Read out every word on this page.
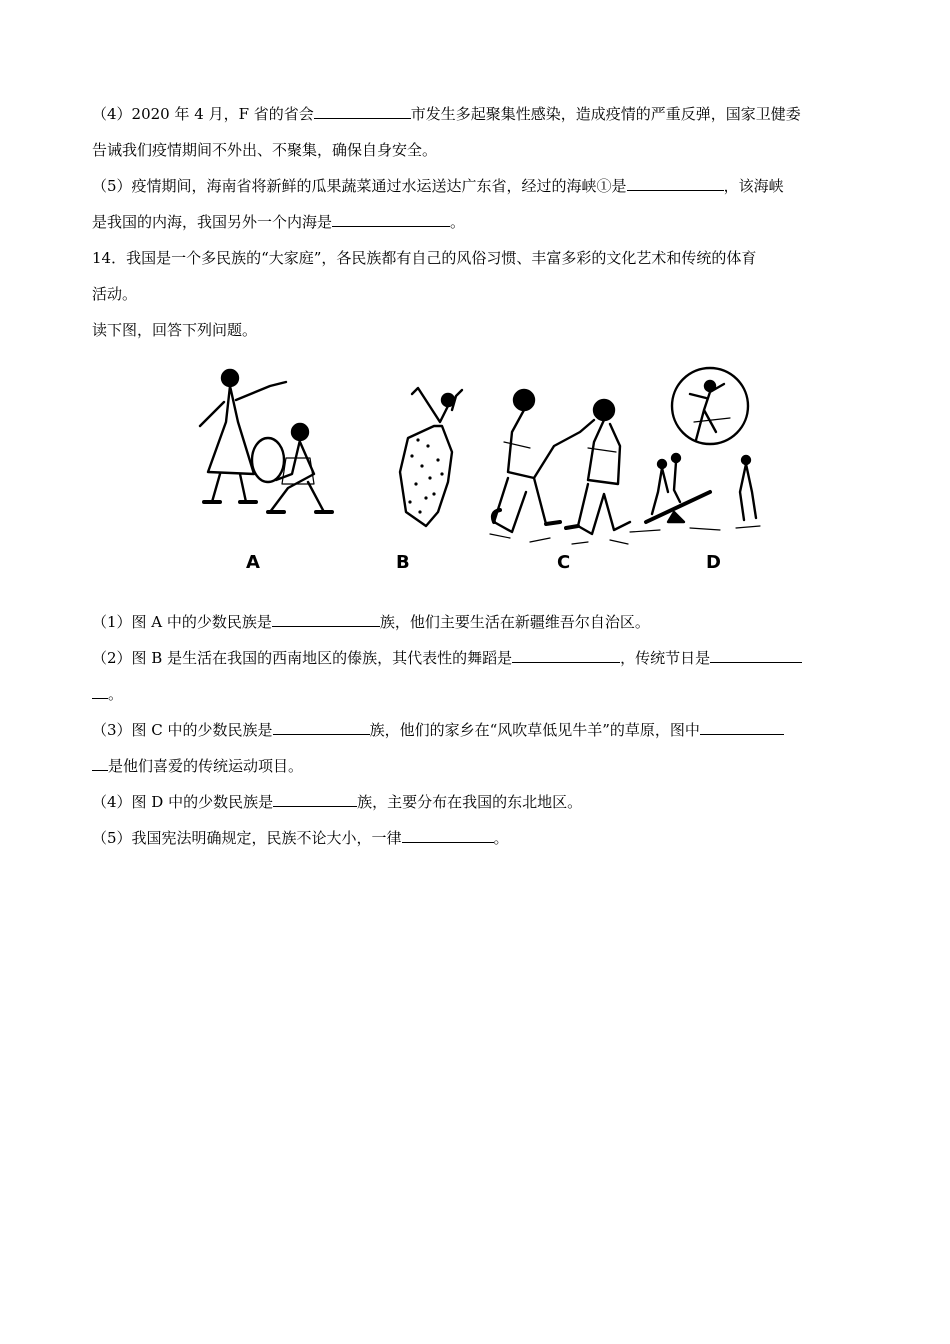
（4）2020 年 4 月，F 省的省会	市发生多起聚集性感染，造成疫情的严重反弹，国家卫健委
告诫我们疫情期间不外出、不聚集，确保自身安全。
（5）疫情期间，海南省将新鲜的瓜果蔬菜通过水运送达广东省，经过的海峡①是	，该海峡
是我国的内海，我国另外一个内海是	。
14．我国是一个多民族的“大家庭”，各民族都有自己的风俗习惯、丰富多彩的文化艺术和传统的体育
活动。
读下图，回答下列问题。
A	B	C	D
（1）图 A 中的少数民族是	族，他们主要生活在新疆维吾尔自治区。
（2）图 B 是生活在我国的西南地区的傣族，其代表性的舞蹈是	，传统节日是
。
（3）图 C 中的少数民族是	族，他们的家乡在“风吹草低见牛羊”的草原，图中
是他们喜爱的传统运动项目。
（4）图 D 中的少数民族是	族，主要分布在我国的东北地区。
（5）我国宪法明确规定，民族不论大小，一律	。
